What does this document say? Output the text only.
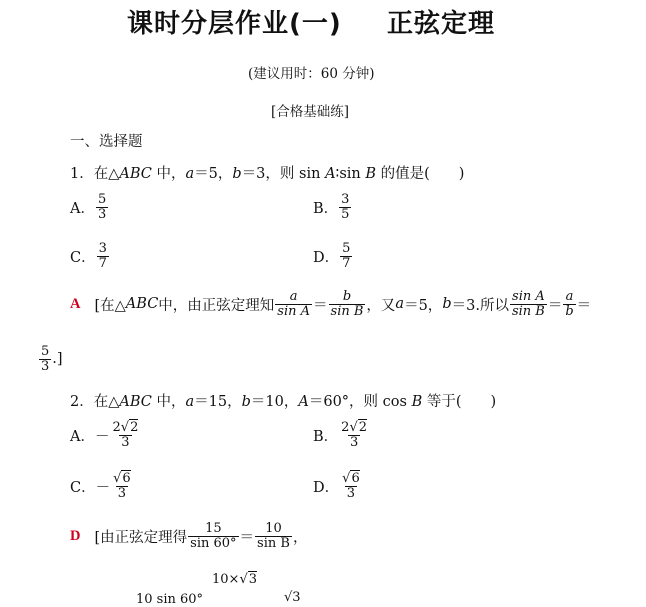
课时分层作业(一) 正弦定理
(建议用时：60 分钟)
[合格基础练]
一、选择题
1．在△ABC 中，a＝5，b＝3，则 sin A∶sin B 的值是(　　)
A． $\frac{5}{3}$	B． $\frac{3}{5}$
C． $\frac{3}{7}$	D． $\frac{5}{7}$
A [在△ ABC 中，由正弦定理知 $\frac{a}{\text{sin A}} = \frac{b}{\text{sin B}}$ ，又 a ＝5， b ＝3.所以 $\frac{\text{sin A}}{\text{sin B}} = \frac{a}{b}$ ＝
$\frac{5}{3}$ .]
2．在△ABC 中，a＝15，b＝10，A＝60°，则 cos B 等于(　　)
A． － $\frac{2√2}{3}$	B． $\frac{2√2}{3}$
C． － $\frac{√6}{3}$	D． $\frac{√6}{3}$
D [由正弦定理得 $\frac{15}{\sin 60^\circ} = \frac{10}{\text{sin B}}$ ，
10 sin 60°
10×√3
√3
